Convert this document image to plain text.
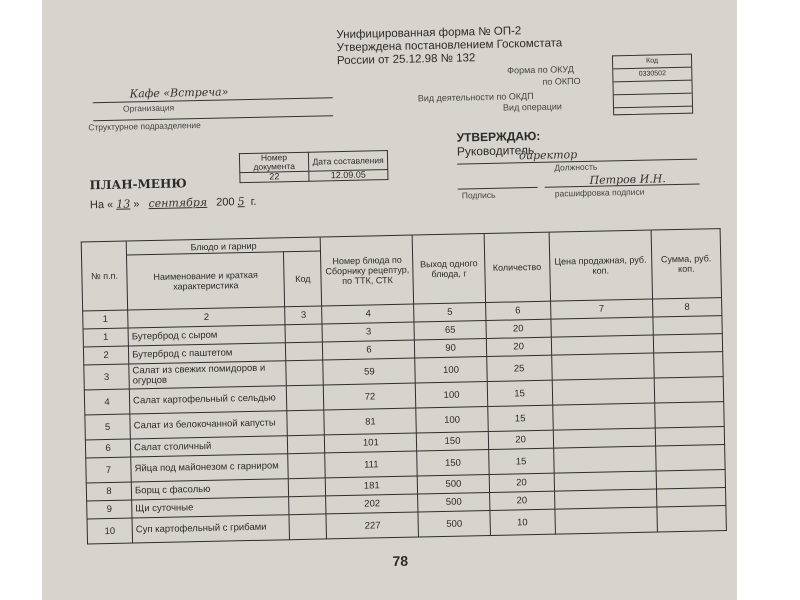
Унифицированная форма № ОП-2
Утверждена постановлением Госкомстата
России от 25.12.98 № 132
Форма по ОКУД
по ОКПО
Вид деятельности по ОКДП
Вид операции
Код
0330502
Кафе «Встреча»
Организация
Структурное подразделение
УТВЕРЖДАЮ:
Руководитель
директор
Должность
Петров И.Н.
Подпись	расшифровка подписи
Номер документа	Дата составления
22	12.09.05
ПЛАН-МЕНЮ
На « 13 » сентября 200 5 г.
№ п.п.	Блюдо и гарнир		Номер блюда по Сборнику рецептур, по ТТК, СТК	Выход одного блюда, г	Количество	Цена продажная, руб. коп.	Сумма, руб. коп.
	Наименование и краткая характеристика	Код					
1	2	3	4	5	6	7	8
1	Бутерброд с сыром		3	65	20		
2	Бутерброд с паштетом		6	90	20		
3	Салат из свежих помидоров и огурцов		59	100	25		
4	Салат картофельный с сельдью		72	100	15		
5	Салат из белокочанной капусты		81	100	15		
6	Салат столичный		101	150	20		
7	Яйца под майонезом с гарниром		111	150	15		
8	Борщ с фасолью		181	500	20		
9	Щи суточные		202	500	20		
10	Суп картофельный с грибами		227	500	10		
78
